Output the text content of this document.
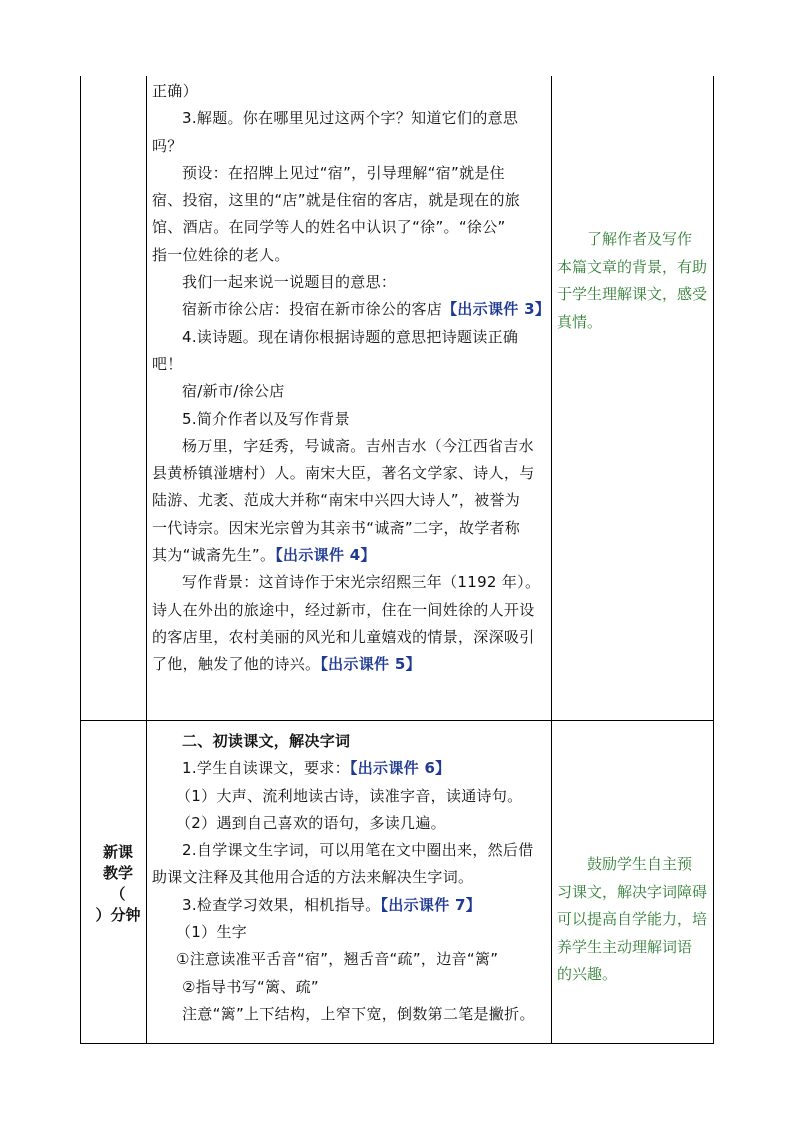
正确）
3.解题。你在哪里见过这两个字？知道它们的意思
吗？
预设：在招牌上见过“宿”，引导理解“宿”就是住
宿、投宿，这里的“店”就是住宿的客店，就是现在的旅
馆、酒店。在同学等人的姓名中认识了“徐”。“徐公”
指一位姓徐的老人。
我们一起来说一说题目的意思：
宿新市徐公店：投宿在新市徐公的客店【出示课件 3】
4.读诗题。现在请你根据诗题的意思把诗题读正确
吧！
宿/新市/徐公店
5.简介作者以及写作背景
杨万里，字廷秀，号诚斋。吉州吉水（今江西省吉水
县黄桥镇湴塘村）人。南宋大臣，著名文学家、诗人，与
陆游、尤袤、范成大并称“南宋中兴四大诗人”，被誉为
一代诗宗。因宋光宗曾为其亲书“诚斋”二字，故学者称
其为“诚斋先生”。【出示课件 4】
写作背景：这首诗作于宋光宗绍熙三年（1192 年）。
诗人在外出的旅途中，经过新市，住在一间姓徐的人开设
的客店里，农村美丽的风光和儿童嬉戏的情景，深深吸引
了他，触发了他的诗兴。【出示课件 5】
了解作者及写作
本篇文章的背景，有助
于学生理解课文，感受
真情。
新课
教学
（
）分钟
二、初读课文，解决字词
1.学生自读课文，要求：【出示课件 6】
（1）大声、流利地读古诗，读准字音，读通诗句。
（2）遇到自己喜欢的语句，多读几遍。
2.自学课文生字词，可以用笔在文中圈出来，然后借
助课文注释及其他用合适的方法来解决生字词。
3.检查学习效果，相机指导。【出示课件 7】
（1）生字
①注意读准平舌音“宿”，翘舌音“疏”，边音“篱”
②指导书写“篱、疏”
注意“篱”上下结构，上窄下宽，倒数第二笔是撇折。
鼓励学生自主预
习课文，解决字词障碍
可以提高自学能力，培
养学生主动理解词语
的兴趣。
